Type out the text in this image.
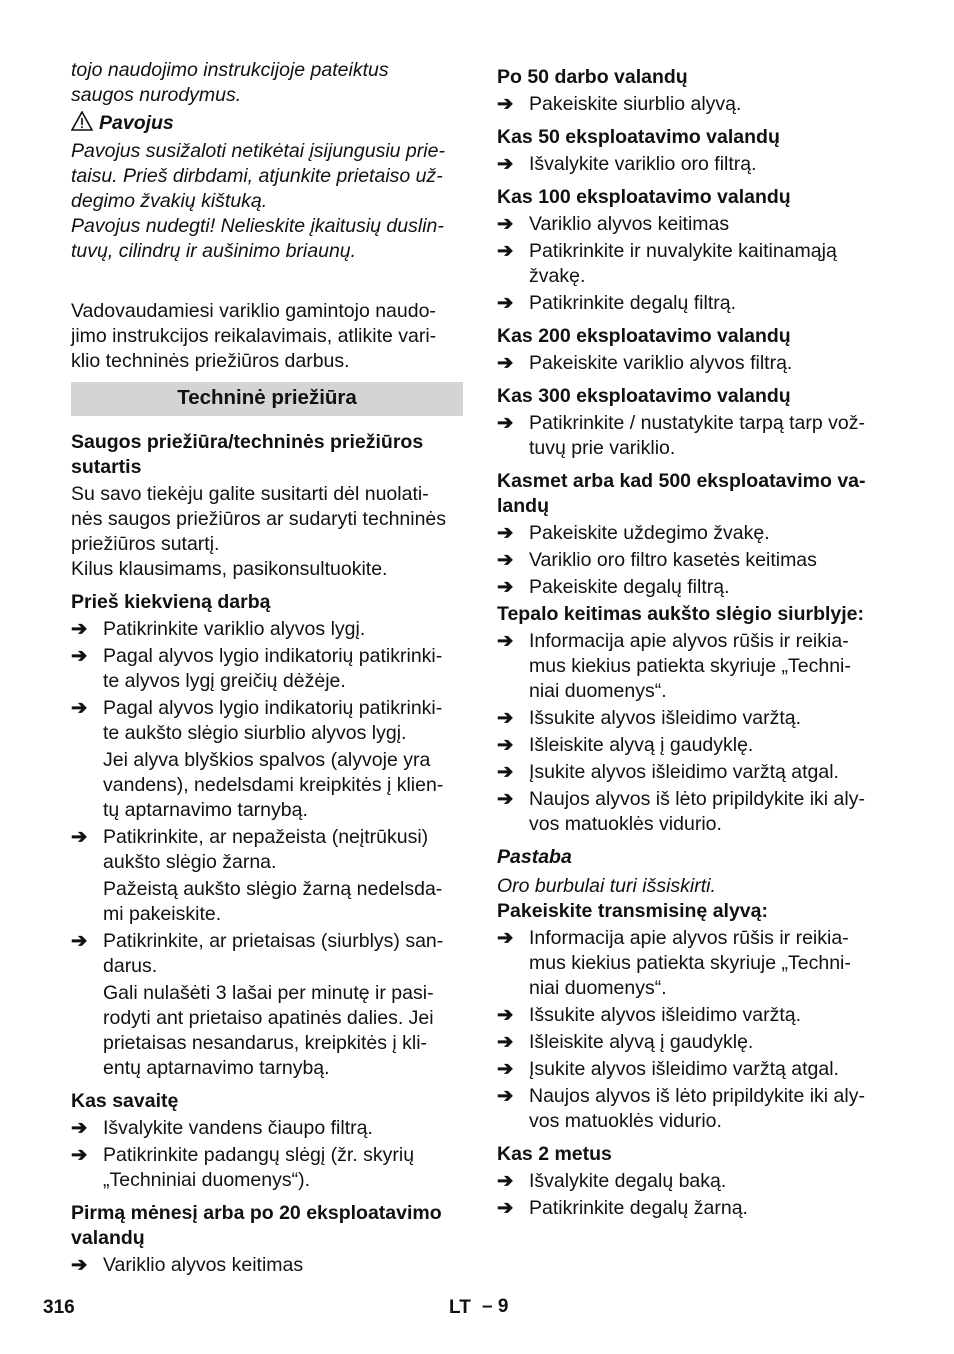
tojo naudojimo instrukcijoje pateiktus

saugos nurodymus.

Pavojus

Pavojus susižaloti netikėtai įsijungusiu prie-

taisu. Prieš dirbdami, atjunkite prietaiso už-

degimo žvakių kištuką.

Pavojus nudegti! Nelieskite įkaitusių duslin-

tuvų, cilindrų ir aušinimo briaunų.

Vadovaudamiesi variklio gamintojo naudo-

jimo instrukcijos reikalavimais, atlikite vari-

klio techninės priežiūros darbus.

Techninė priežiūra

Saugos priežiūra/techninės priežiūros

sutartis

Su savo tiekėju galite susitarti dėl nuolati-

nės saugos priežiūros ar sudaryti techninės

priežiūros sutartį.

Kilus klausimams, pasikonsultuokite.

Prieš kiekvieną darbą

➔ Patikrinkite variklio alyvos lygį.

➔ Pagal alyvos lygio indikatorių patikrinki-

te alyvos lygį greičių dėžėje.

➔ Pagal alyvos lygio indikatorių patikrinki-

te aukšto slėgio siurblio alyvos lygį.

Jei alyva blyškios spalvos (alyvoje yra

vandens), nedelsdami kreipkitės į klien-

tų aptarnavimo tarnybą.

➔ Patikrinkite, ar nepažeista (neįtrūkusi)

aukšto slėgio žarna.

Pažeistą aukšto slėgio žarną nedelsda-

mi pakeiskite.

➔ Patikrinkite, ar prietaisas (siurblys) san-

darus.

Gali nulašėti 3 lašai per minutę ir pasi-

rodyti ant prietaiso apatinės dalies. Jei

prietaisas nesandarus, kreipkitės į kli-

entų aptarnavimo tarnybą.

Kas savaitę

➔ Išvalykite vandens čiaupo filtrą.

➔ Patikrinkite padangų slėgį (žr. skyrių

„Techniniai duomenys“).

Pirmą mėnesį arba po 20 eksploatavimo

valandų

➔ Variklio alyvos keitimas

Po 50 darbo valandų

➔ Pakeiskite siurblio alyvą.

Kas 50 eksploatavimo valandų

➔ Išvalykite variklio oro filtrą.

Kas 100 eksploatavimo valandų

➔ Variklio alyvos keitimas

➔ Patikrinkite ir nuvalykite kaitinamąją

žvakę.

➔ Patikrinkite degalų filtrą.

Kas 200 eksploatavimo valandų

➔ Pakeiskite variklio alyvos filtrą.

Kas 300 eksploatavimo valandų

➔ Patikrinkite / nustatykite tarpą tarp vož-

tuvų prie variklio.

Kasmet arba kad 500 eksploatavimo va-

landų

➔ Pakeiskite uždegimo žvakę.

➔ Variklio oro filtro kasetės keitimas

➔ Pakeiskite degalų filtrą.

Tepalo keitimas aukšto slėgio siurblyje:

➔ Informacija apie alyvos rūšis ir reikia-

mus kiekius patiekta skyriuje „Techni-

niai duomenys“.

➔ Išsukite alyvos išleidimo varžtą.

➔ Išleiskite alyvą į gaudyklę.

➔ Įsukite alyvos išleidimo varžtą atgal.

➔ Naujos alyvos iš lėto pripildykite iki aly-

vos matuoklės vidurio.

Pastaba

Oro burbulai turi išsiskirti.

Pakeiskite transmisinę alyvą:

➔ Informacija apie alyvos rūšis ir reikia-

mus kiekius patiekta skyriuje „Techni-

niai duomenys“.

➔ Išsukite alyvos išleidimo varžtą.

➔ Išleiskite alyvą į gaudyklę.

➔ Įsukite alyvos išleidimo varžtą atgal.

➔ Naujos alyvos iš lėto pripildykite iki aly-

vos matuoklės vidurio.

Kas 2 metus

➔ Išvalykite degalų baką.

➔ Patikrinkite degalų žarną.

316	LT – 9
